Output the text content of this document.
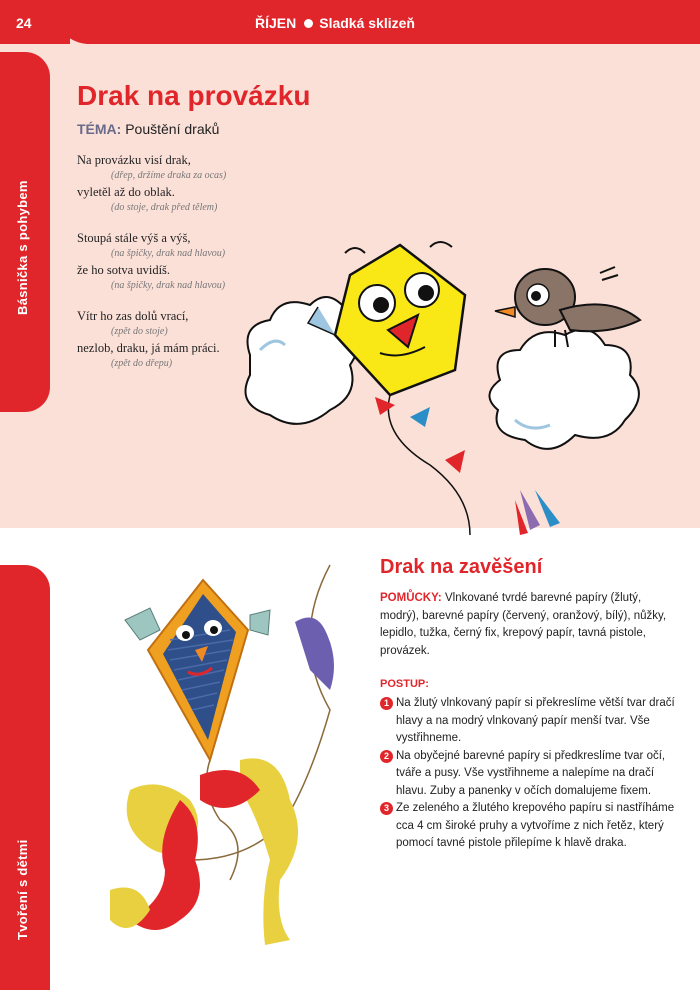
24	ŘÍJEN Sladká sklizeň
Básnička s pohybem
Tvoření s dětmi
Drak na provázku
TÉMA: Pouštění draků
Na provázku visí drak,
(dřep, držíme draka za ocas)
vyletěl až do oblak.
(do stoje, drak před tělem)
Stoupá stále výš a výš,
(na špičky, drak nad hlavou)
že ho sotva uvidíš.
(na špičky, drak nad hlavou)
Vítr ho zas dolů vrací,
(zpět do stoje)
nezlob, draku, já mám práci.
(zpět do dřepu)
Drak na zavěšení
POMŮCKY: Vlnkované tvrdé barevné papíry (žlutý, modrý), barevné papíry (červený, oranžový, bílý), nůžky, lepidlo, tužka, černý fix, krepový papír, tavná pistole, provázek.
POSTUP:
1 Na žlutý vlnkovaný papír si překreslíme větší tvar dračí hlavy a na modrý vlnkovaný papír menší tvar. Vše vystřihneme.
2 Na obyčejné barevné papíry si předkreslíme tvar očí, tváře a pusy. Vše vystřihneme a nalepíme na dračí hlavu. Zuby a panenky v očích domalujeme fixem.
3 Ze zeleného a žlutého krepového papíru si nastříháme cca 4 cm široké pruhy a vytvoříme z nich řetěz, který pomocí tavné pistole přilepíme k hlavě draka.
